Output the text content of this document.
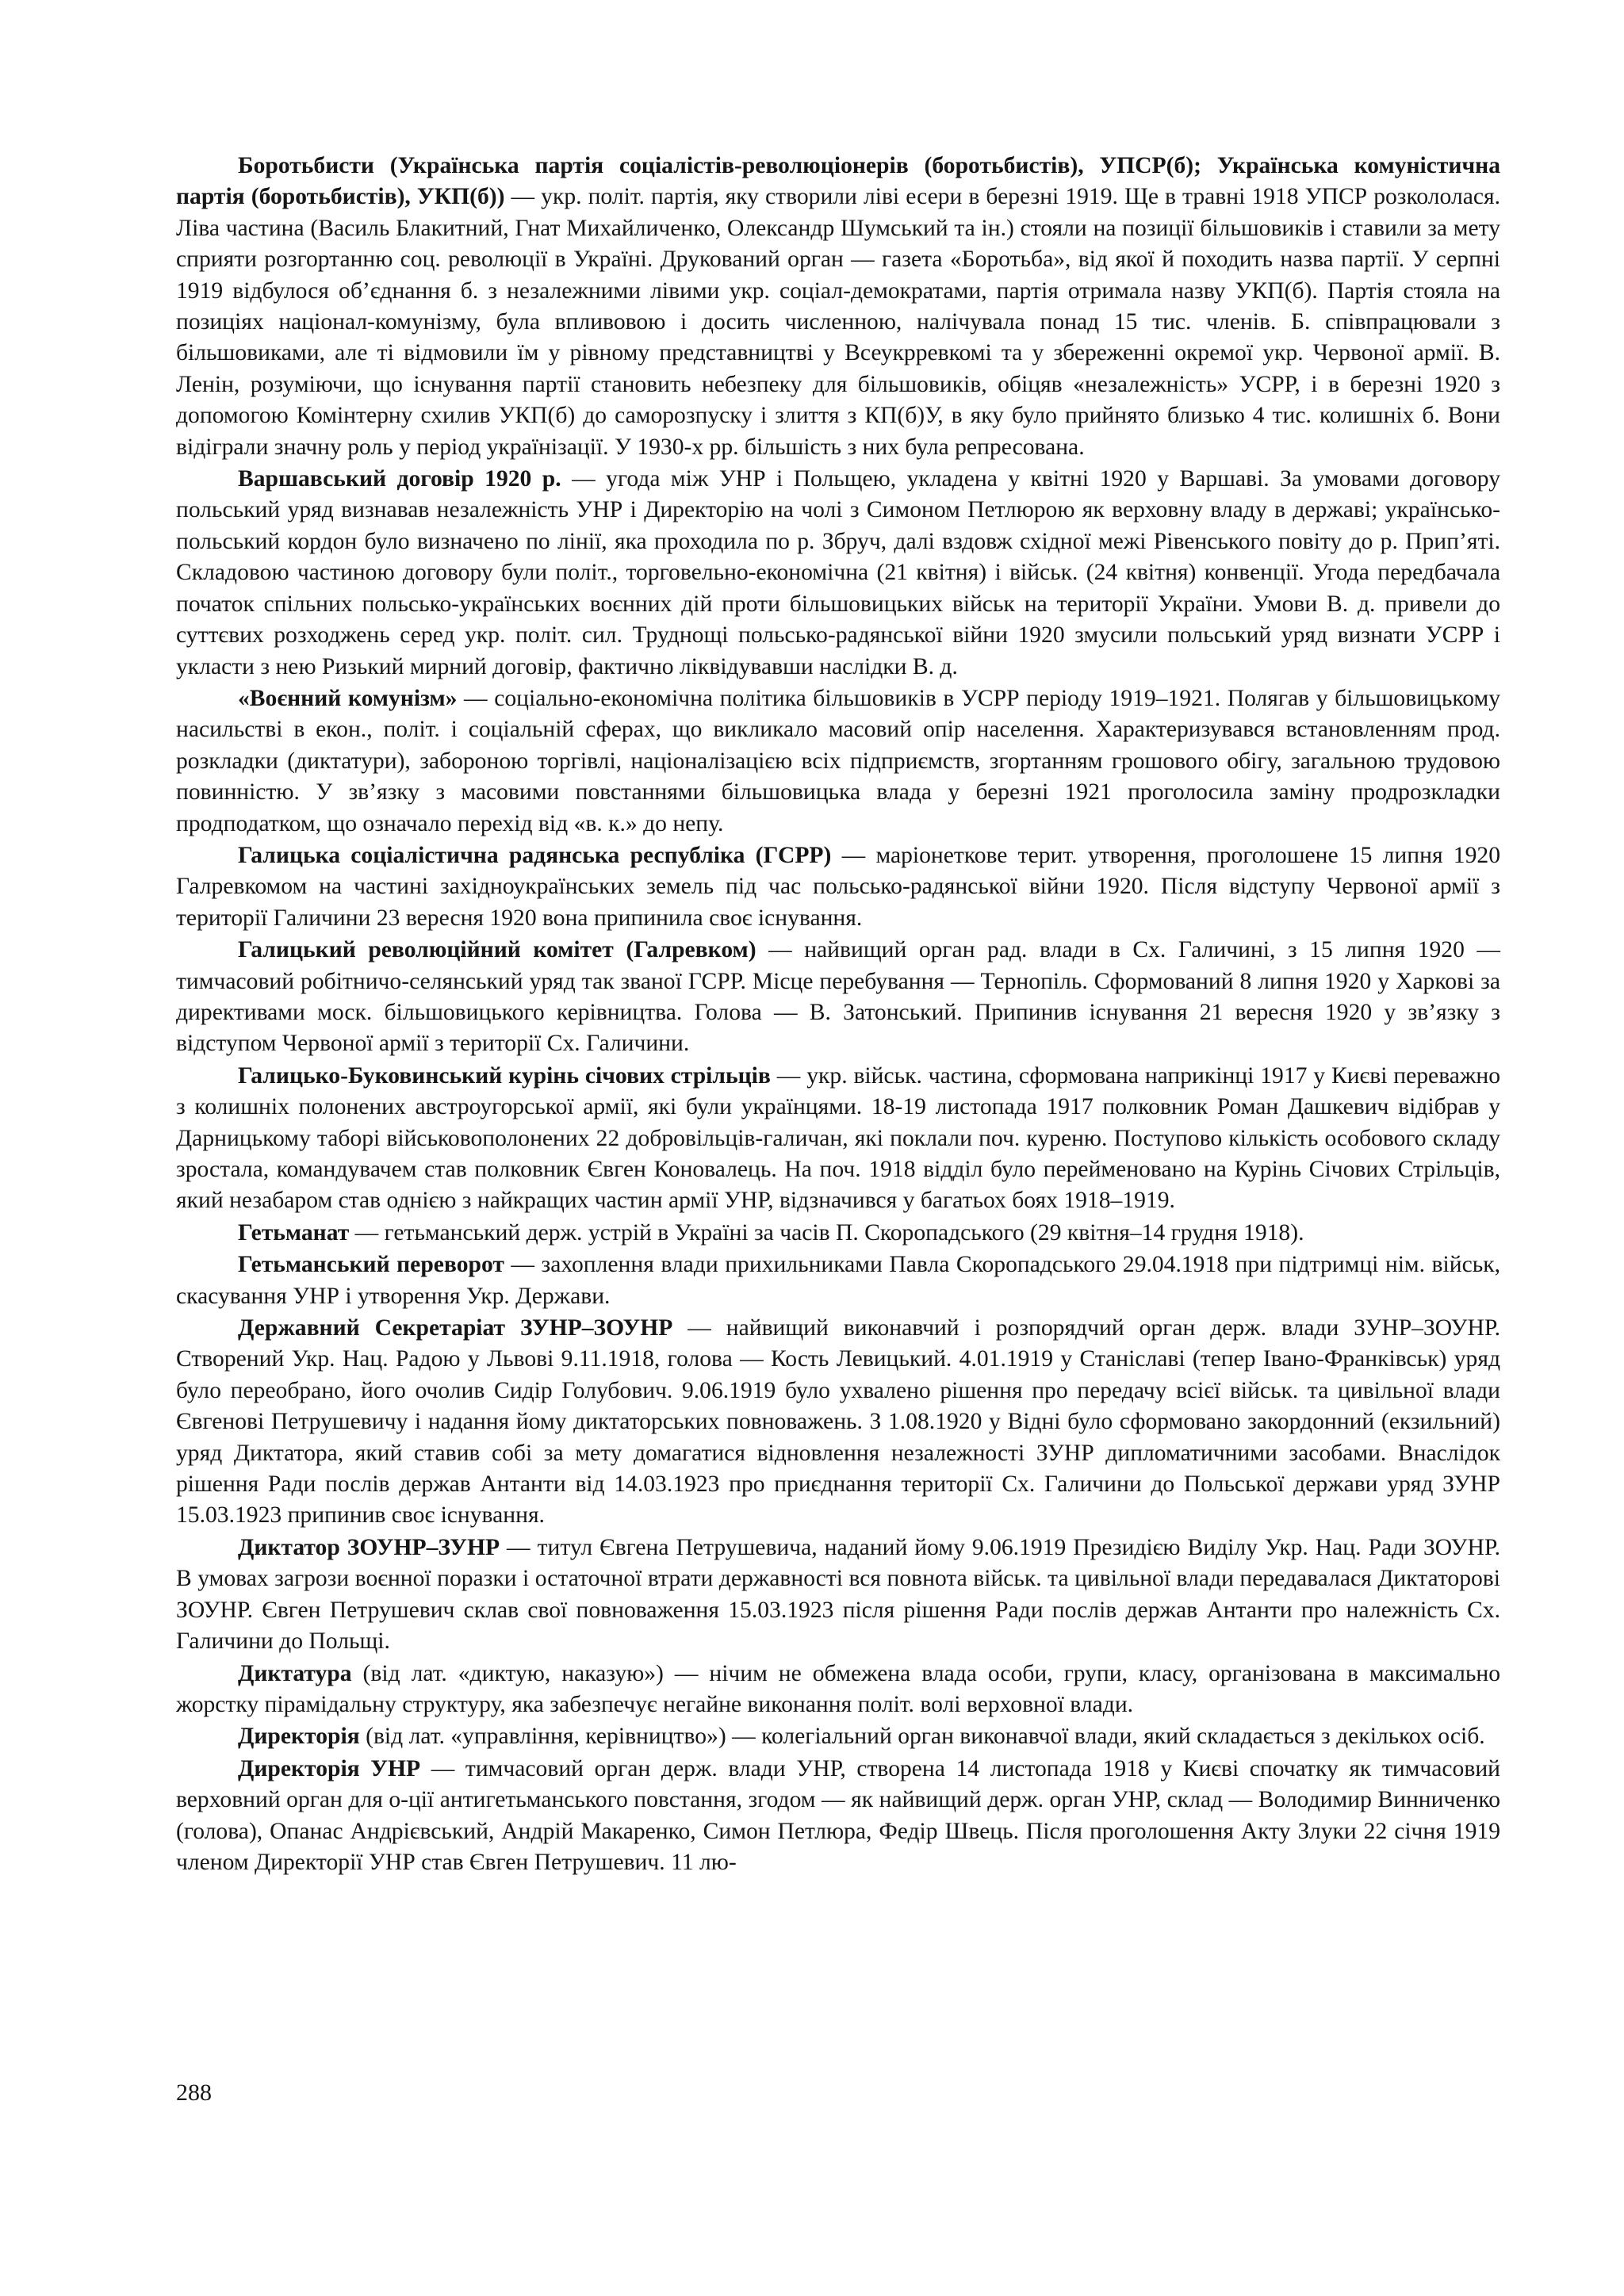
Боротьбисти (Українська партія соціалістів-революціонерів (боротьбистів), УПСР(б); Українська комуністична партія (боротьбистів), УКП(б)) — укр. політ. партія, яку створили ліві есери в березні 1919. Ще в травні 1918 УПСР розкололася. Ліва частина (Василь Блакитний, Гнат Михайличенко, Олександр Шумський та ін.) стояли на позиції більшовиків і ставили за мету сприяти розгортанню соц. революції в Україні. Друкований орган — газета «Боротьба», від якої й походить назва партії. У серпні 1919 відбулося об’єднання б. з незалежними лівими укр. соціал-демократами, партія отримала назву УКП(б). Партія стояла на позиціях націонал-комунізму, була впливовою і досить численною, налічувала понад 15 тис. членів. Б. співпрацювали з більшовиками, але ті відмовили їм у рівному представництві у Всеукрревкомі та у збереженні окремої укр. Червоної армії. В. Ленін, розуміючи, що існування партії становить небезпеку для більшовиків, обіцяв «незалежність» УСРР, і в березні 1920 з допомогою Комінтерну схилив УКП(б) до саморозпуску і злиття з КП(б)У, в яку було прийнято близько 4 тис. колишніх б. Вони відіграли значну роль у період українізації. У 1930-х рр. більшість з них була репресована.

Варшавський договір 1920 р. — угода між УНР і Польщею, укладена у квітні 1920 у Варшаві. За умовами договору польський уряд визнавав незалежність УНР і Директорію на чолі з Симоном Петлюрою як верховну владу в державі; українсько-польський кордон було визначено по лінії, яка проходила по р. Збруч, далі вздовж східної межі Рівенського повіту до р. Прип’яті. Складовою частиною договору були політ., торговельно-економічна (21 квітня) і військ. (24 квітня) конвенції. Угода передбачала початок спільних польсько-українських воєнних дій проти більшовицьких військ на території України. Умови В. д. привели до суттєвих розходжень серед укр. політ. сил. Труднощі польсько-радянської війни 1920 змусили польський уряд визнати УСРР і укласти з нею Ризький мирний договір, фактично ліквідувавши наслідки В. д.

«Воєнний комунізм» — соціально-економічна політика більшовиків в УСРР періоду 1919–1921. Полягав у більшовицькому насильстві в екон., політ. і соціальній сферах, що викликало масовий опір населення. Характеризувався встановленням прод. розкладки (диктатури), забороною торгівлі, націоналізацією всіх підприємств, згортанням грошового обігу, загальною трудовою повинністю. У зв’язку з масовими повстаннями більшовицька влада у березні 1921 проголосила заміну продрозкладки продподатком, що означало перехід від «в. к.» до непу.

Галицька соціалістична радянська республіка (ГСРР) — маріонеткове терит. утворення, проголошене 15 липня 1920 Галревкомом на частині західноукраїнських земель під час польсько-радянської війни 1920. Після відступу Червоної армії з території Галичини 23 вересня 1920 вона припинила своє існування.

Галицький революційний комітет (Галревком) — найвищий орган рад. влади в Сх. Галичині, з 15 липня 1920 — тимчасовий робітничо-селянський уряд так званої ГСРР. Місце перебування — Тернопіль. Сформований 8 липня 1920 у Харкові за директивами моск. більшовицького керівництва. Голова — В. Затонський. Припинив існування 21 вересня 1920 у зв’язку з відступом Червоної армії з території Сх. Галичини.

Галицько-Буковинський курінь січових стрільців — укр. військ. частина, сформована наприкінці 1917 у Києві переважно з колишніх полонених австроугорської армії, які були українцями. 18-19 листопада 1917 полковник Роман Дашкевич відібрав у Дарницькому таборі військовополонених 22 добровільців-галичан, які поклали поч. куреню. Поступово кількість особового складу зростала, командувачем став полковник Євген Коновалець. На поч. 1918 відділ було перейменовано на Курінь Січових Стрільців, який незабаром став однією з найкращих частин армії УНР, відзначився у багатьох боях 1918–1919.

Гетьманат — гетьманський держ. устрій в Україні за часів П. Скоропадського (29 квітня–14 грудня 1918).

Гетьманський переворот — захоплення влади прихильниками Павла Скоропадського 29.04.1918 при підтримці нім. військ, скасування УНР і утворення Укр. Держави.

Державний Секретаріат ЗУНР–ЗОУНР — найвищий виконавчий і розпорядчий орган держ. влади ЗУНР–ЗОУНР. Створений Укр. Нац. Радою у Львові 9.11.1918, голова — Кость Левицький. 4.01.1919 у Станіславі (тепер Івано-Франківськ) уряд було переобрано, його очолив Сидір Голубович. 9.06.1919 було ухвалено рішення про передачу всієї військ. та цивільної влади Євгенові Петрушевичу і надання йому диктаторських повноважень. З 1.08.1920 у Відні було сформовано закордонний (екзильний) уряд Диктатора, який ставив собі за мету домагатися відновлення незалежності ЗУНР дипломатичними засобами. Внаслідок рішення Ради послів держав Антанти від 14.03.1923 про приєднання території Сх. Галичини до Польської держави уряд ЗУНР 15.03.1923 припинив своє існування.

Диктатор ЗОУНР–ЗУНР — титул Євгена Петрушевича, наданий йому 9.06.1919 Президією Виділу Укр. Нац. Ради ЗОУНР. В умовах загрози воєнної поразки і остаточної втрати державності вся повнота військ. та цивільної влади передавалася Диктаторові ЗОУНР. Євген Петрушевич склав свої повноваження 15.03.1923 після рішення Ради послів держав Антанти про належність Сх. Галичини до Польщі.

Диктатура (від лат. «диктую, наказую») — нічим не обмежена влада особи, групи, класу, організована в максимально жорстку пірамідальну структуру, яка забезпечує негайне виконання політ. волі верховної влади.

Директорія (від лат. «управління, керівництво») — колегіальний орган виконавчої влади, який складається з декількох осіб.

Директорія УНР — тимчасовий орган держ. влади УНР, створена 14 листопада 1918 у Києві спочатку як тимчасовий верховний орган для о-ції антигетьманського повстання, згодом — як найвищий держ. орган УНР, склад — Володимир Винниченко (голова), Опанас Андрієвський, Андрій Макаренко, Симон Петлюра, Федір Швець. Після проголошення Акту Злуки 22 січня 1919 членом Директорії УНР став Євген Петрушевич. 11 лю-

288
